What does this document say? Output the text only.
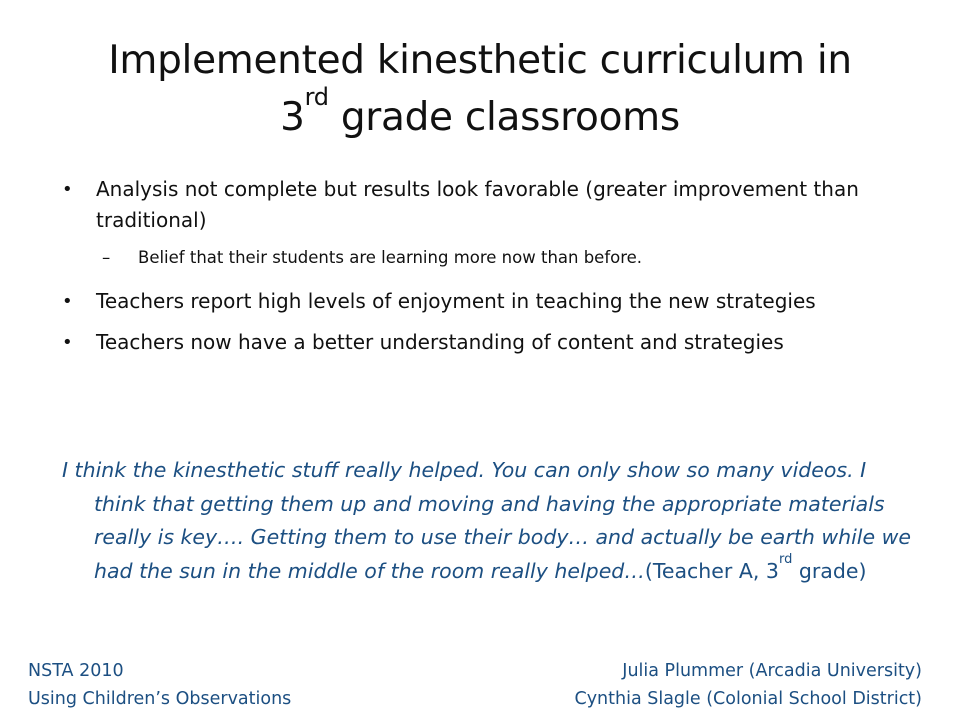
Implemented kinesthetic curriculum in
3rd grade classrooms
•	Analysis not complete but results look favorable (greater improvement than traditional)
– Belief that their students are learning more now than before.
•	Teachers report high levels of enjoyment in teaching the new strategies
•	Teachers now have a better understanding of content and strategies
I think the kinesthetic stuff really helped. You can only show so many videos. I think that getting them up and moving and having the appropriate materials really is key…. Getting them to use their body… and actually be earth while we had the sun in the middle of the room really helped…(Teacher A, 3rd grade)
NSTA 2010
Using Children’s Observations
Julia Plummer (Arcadia University)
Cynthia Slagle (Colonial School District)
